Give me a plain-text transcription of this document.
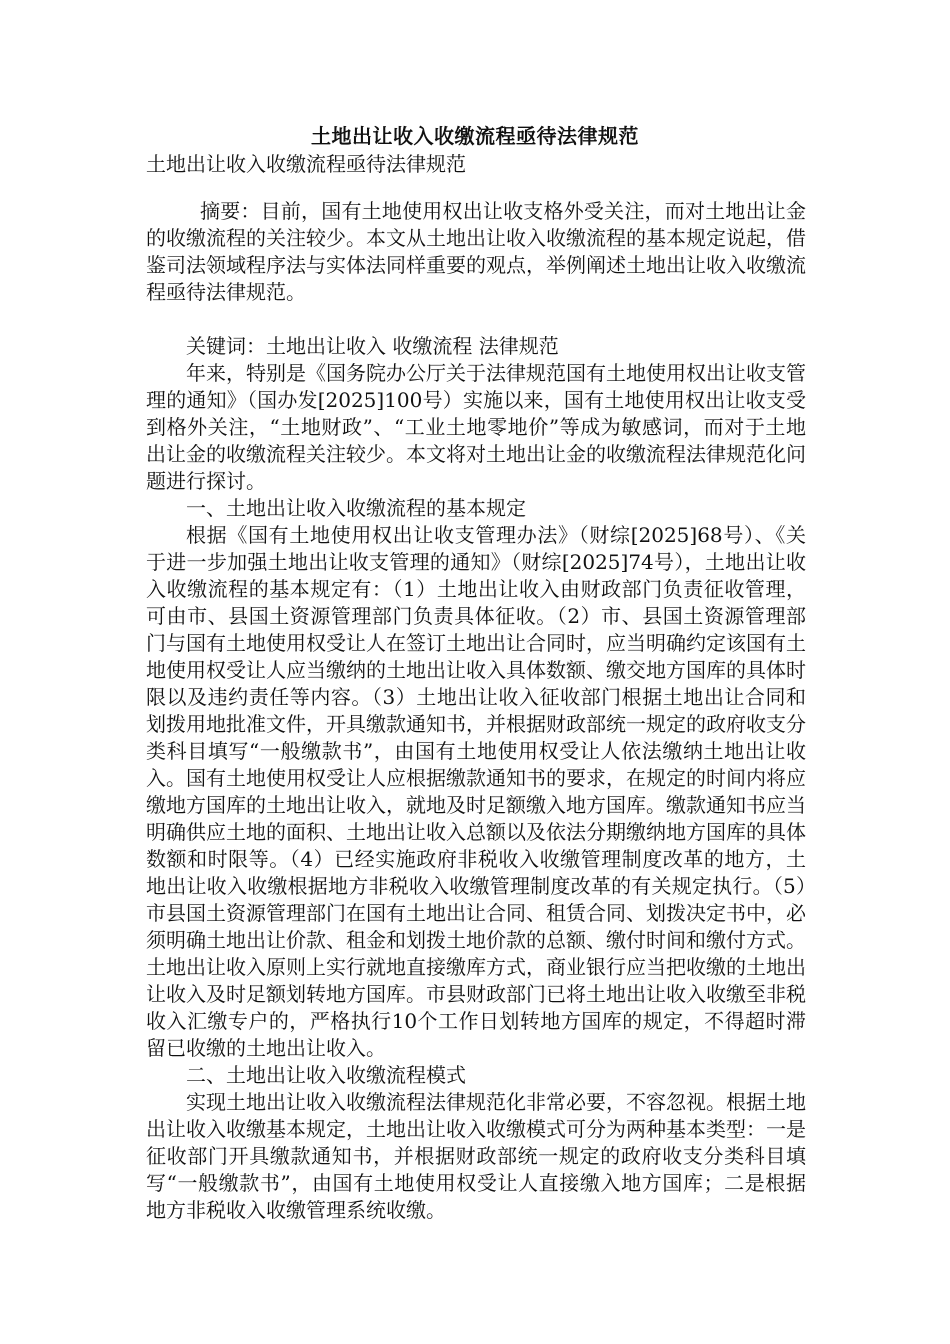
土地出让收入收缴流程亟待法律规范
土地出让收入收缴流程亟待法律规范

摘要：目前，国有土地使用权出让收支格外受关注，而对土地出让金的收缴流程的关注较少。本文从土地出让收入收缴流程的基本规定说起，借鉴司法领域程序法与实体法同样重要的观点，举例阐述土地出让收入收缴流程亟待法律规范。

关键词：土地出让收入 收缴流程 法律规范

年来，特别是《国务院办公厅关于法律规范国有土地使用权出让收支管理的通知》（国办发[2025]100号）实施以来，国有土地使用权出让收支受到格外关注，“土地财政”、“工业土地零地价”等成为敏感词，而对于土地出让金的收缴流程关注较少。本文将对土地出让金的收缴流程法律规范化问题进行探讨。

一、土地出让收入收缴流程的基本规定

根据《国有土地使用权出让收支管理办法》（财综[2025]68号）、《关于进一步加强土地出让收支管理的通知》（财综[2025]74号），土地出让收入收缴流程的基本规定有：（1）土地出让收入由财政部门负责征收管理，可由市、县国土资源管理部门负责具体征收。（2）市、县国土资源管理部门与国有土地使用权受让人在签订土地出让合同时，应当明确约定该国有土地使用权受让人应当缴纳的土地出让收入具体数额、缴交地方国库的具体时限以及违约责任等内容。（3）土地出让收入征收部门根据土地出让合同和划拨用地批准文件，开具缴款通知书，并根据财政部统一规定的政府收支分类科目填写“一般缴款书”，由国有土地使用权受让人依法缴纳土地出让收入。国有土地使用权受让人应根据缴款通知书的要求，在规定的时间内将应缴地方国库的土地出让收入，就地及时足额缴入地方国库。缴款通知书应当明确供应土地的面积、土地出让收入总额以及依法分期缴纳地方国库的具体数额和时限等。（4）已经实施政府非税收入收缴管理制度改革的地方，土地出让收入收缴根据地方非税收入收缴管理制度改革的有关规定执行。（5）市县国土资源管理部门在国有土地出让合同、租赁合同、划拨决定书中，必须明确土地出让价款、租金和划拨土地价款的总额、缴付时间和缴付方式。土地出让收入原则上实行就地直接缴库方式，商业银行应当把收缴的土地出让收入及时足额划转地方国库。市县财政部门已将土地出让收入收缴至非税收入汇缴专户的，严格执行10个工作日划转地方国库的规定，不得超时滞留已收缴的土地出让收入。

二、土地出让收入收缴流程模式

实现土地出让收入收缴流程法律规范化非常必要，不容忽视。根据土地出让收入收缴基本规定，土地出让收入收缴模式可分为两种基本类型：一是征收部门开具缴款通知书，并根据财政部统一规定的政府收支分类科目填写“一般缴款书”，由国有土地使用权受让人直接缴入地方国库；二是根据地方非税收入收缴管理系统收缴。
